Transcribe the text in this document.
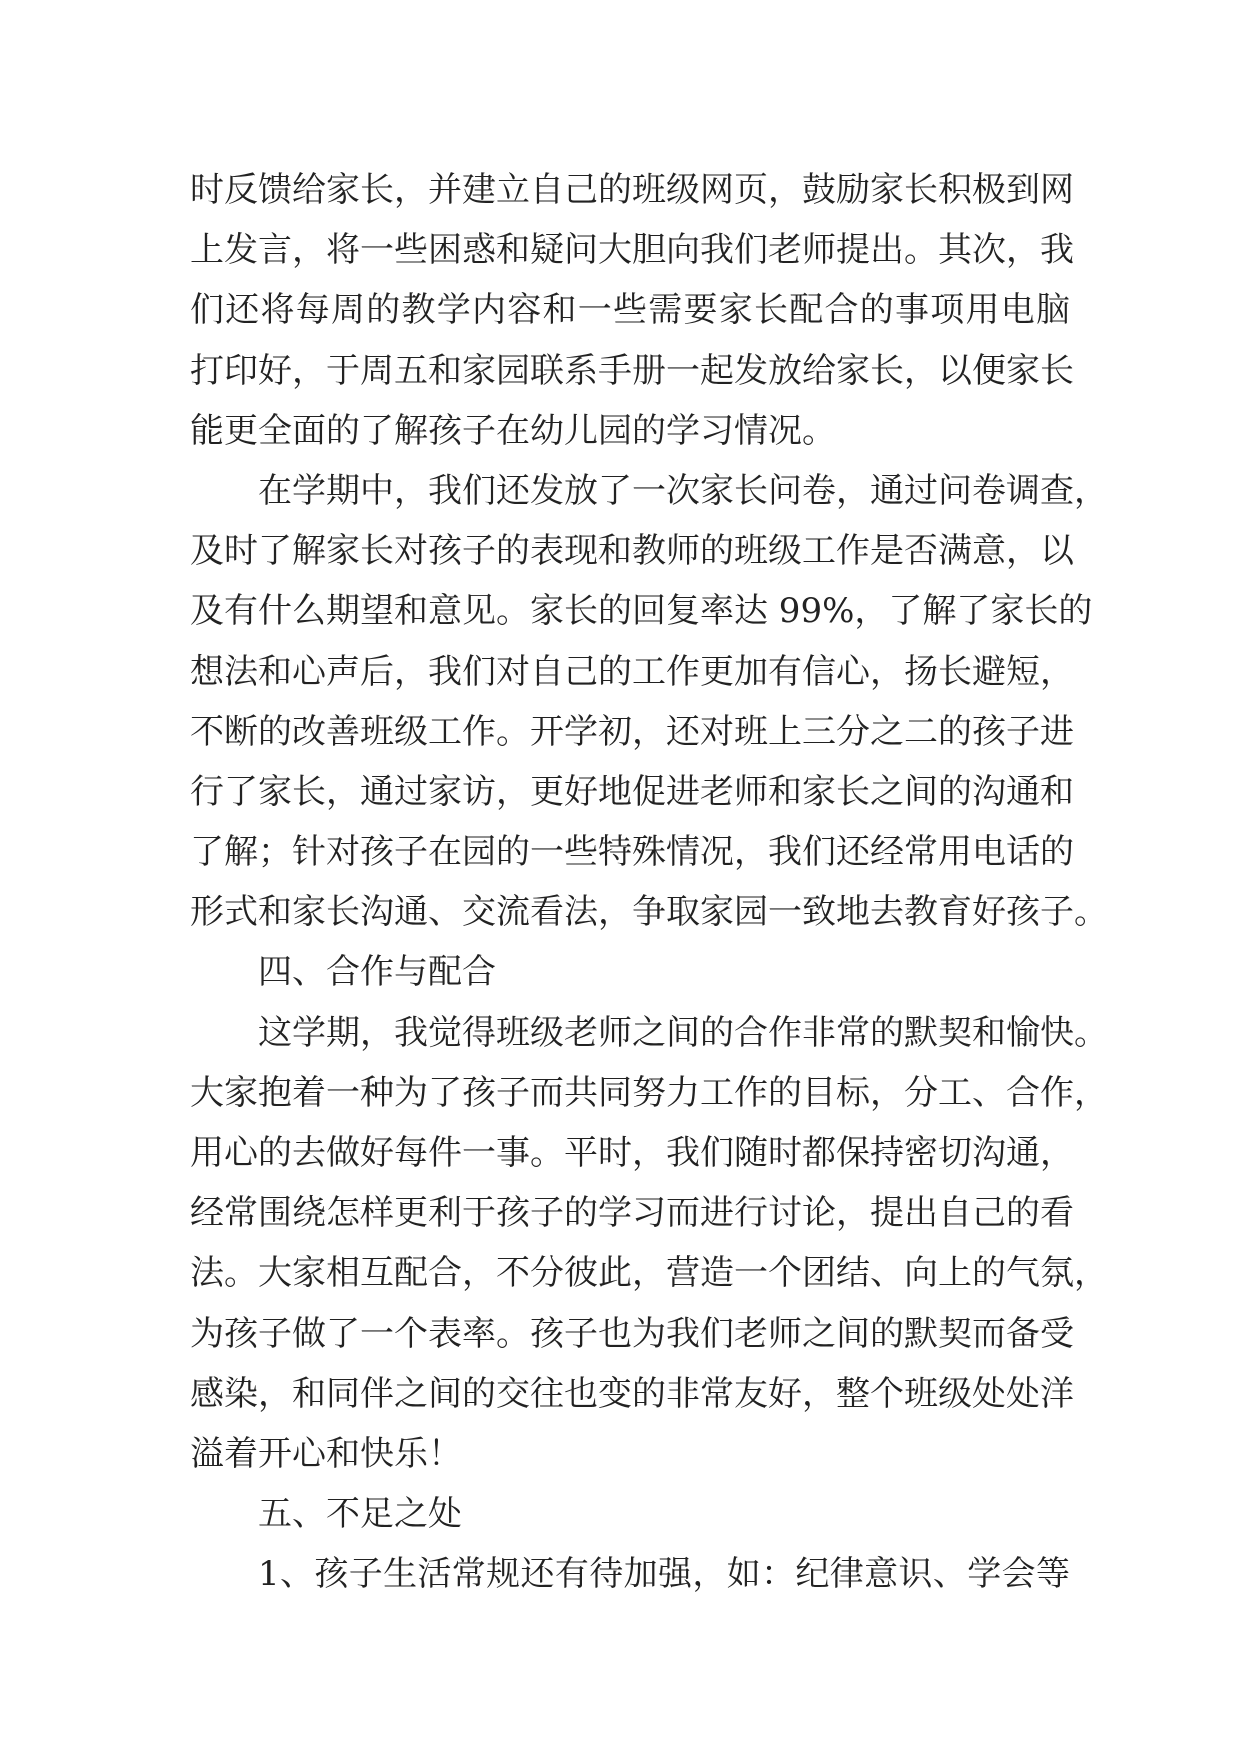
时反馈给家长，并建立自己的班级网页，鼓励家长积极到网
上发言，将一些困惑和疑问大胆向我们老师提出。其次，我
们还将每周的教学内容和一些需要家长配合的事项用电脑
打印好，于周五和家园联系手册一起发放给家长，以便家长
能更全面的了解孩子在幼儿园的学习情况。
在学期中，我们还发放了一次家长问卷，通过问卷调查，
及时了解家长对孩子的表现和教师的班级工作是否满意，以
及有什么期望和意见。家长的回复率达 99%，了解了家长的
想法和心声后，我们对自己的工作更加有信心，扬长避短，
不断的改善班级工作。开学初，还对班上三分之二的孩子进
行了家长，通过家访，更好地促进老师和家长之间的沟通和
了解；针对孩子在园的一些特殊情况，我们还经常用电话的
形式和家长沟通、交流看法，争取家园一致地去教育好孩子。
四、合作与配合
这学期，我觉得班级老师之间的合作非常的默契和愉快。
大家抱着一种为了孩子而共同努力工作的目标，分工、合作，
用心的去做好每件一事。平时，我们随时都保持密切沟通，
经常围绕怎样更利于孩子的学习而进行讨论，提出自己的看
法。大家相互配合，不分彼此，营造一个团结、向上的气氛，
为孩子做了一个表率。孩子也为我们老师之间的默契而备受
感染，和同伴之间的交往也变的非常友好，整个班级处处洋
溢着开心和快乐！
五、不足之处
1、孩子生活常规还有待加强，如：纪律意识、学会等
